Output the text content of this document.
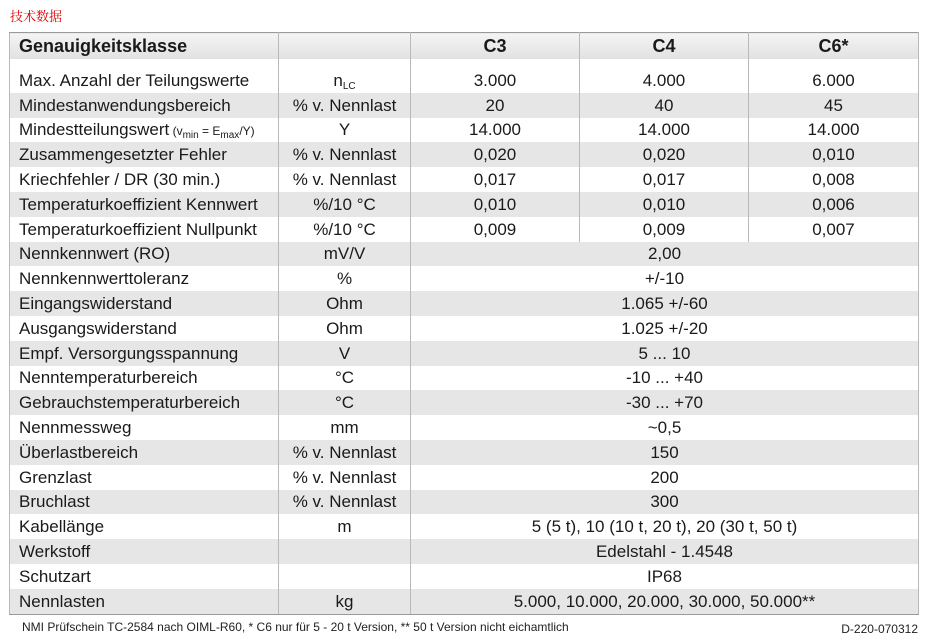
技术数据
Genauigkeitsklasse		C3	C4	C6*

Max. Anzahl der Teilungswerte	nLC	3.000	4.000	6.000
Mindestanwendungsbereich	% v. Nennlast	20	40	45
Mindestteilungswert $(v_{min} = E_{max}/Y)$	Y	14.000	14.000	14.000
Zusammengesetzter Fehler	% v. Nennlast	0,020	0,020	0,010
Kriechfehler / DR (30 min.)	% v. Nennlast	0,017	0,017	0,008
Temperaturkoeffizient Kennwert	%/10 °C	0,010	0,010	0,006
Temperaturkoeffizient Nullpunkt	%/10 °C	0,009	0,009	0,007
Nennkennwert (RO)	mV/V	2,00		
Nennkennwerttoleranz	%	+/-10		
Eingangswiderstand	Ohm	1.065 +/-60		
Ausgangswiderstand	Ohm	1.025 +/-20		
Empf. Versorgungsspannung	V	5 ... 10		
Nenntemperaturbereich	°C	-10 ... +40		
Gebrauchstemperaturbereich	°C	-30 ... +70		
Nennmessweg	mm	~0,5		
Überlastbereich	% v. Nennlast	150		
Grenzlast	% v. Nennlast	200		
Bruchlast	% v. Nennlast	300		
Kabellänge	m	5 (5 t), 10 (10 t, 20 t), 20 (30 t, 50 t)		
Werkstoff		Edelstahl - 1.4548		
Schutzart		IP68		
Nennlasten	kg	5.000, 10.000, 20.000, 30.000, 50.000**		
NMI Prüfschein TC-2584 nach OIML-R60, * C6 nur für 5 - 20 t Version, ** 50 t Version nicht eichamtlich	D-220-070312
